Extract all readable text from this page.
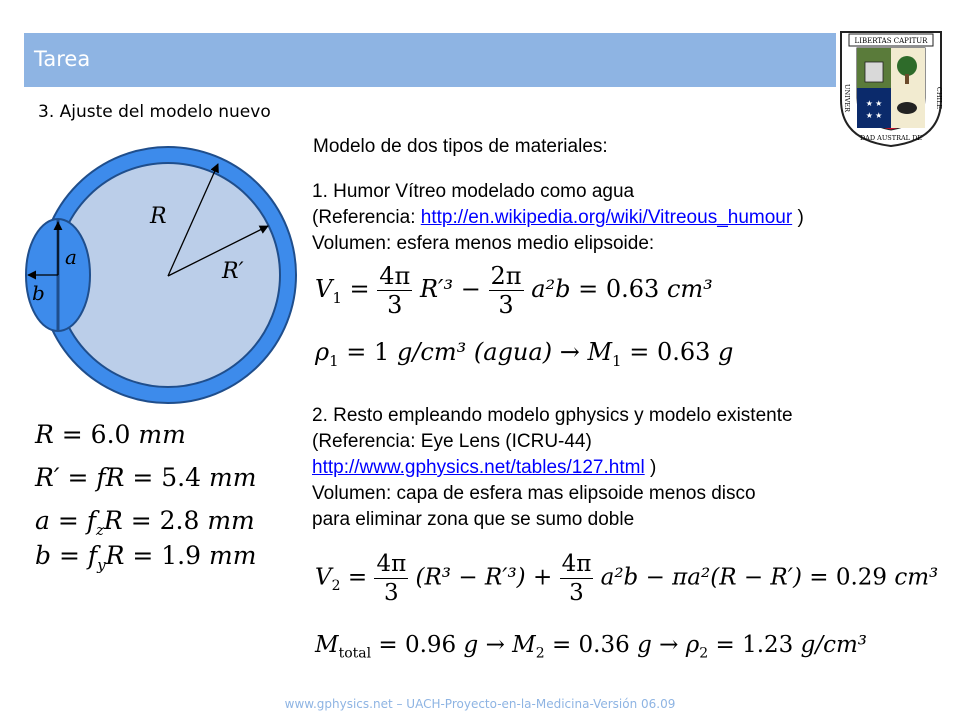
Tarea
3. Ajuste del modelo nuevo
LIBERTAS CAPITUR
★ ★
★ ★
UNIVER	CHILE
DAD AUSTRAL DE
Modelo de dos tipos de materiales:
1. Humor Vítreo modelado como agua
(Referencia: http://en.wikipedia.org/wiki/Vitreous_humour )
Volumen: esfera menos medio elipsoide:
$V_1 = \frac{4\pi}{3} R'^3 - \frac{2\pi}{3} a^2b = 0.63$ cm³
$\rho_1 = 1$ g/cm³ (agua) → $M_1 = 0.63$ g
2. Resto empleando modelo gphysics y modelo existente
(Referencia: Eye Lens (ICRU-44)
http://www.gphysics.net/tables/127.html )
Volumen: capa de esfera mas elipsoide menos disco
para eliminar zona que se sumo doble
$V_2 = \frac{4\pi}{3} (R^3 - R'^3) + \frac{4\pi}{3} a^2b - \pi a^2(R - R') = 0.29$ cm³
$M_{total} = 0.96$ $g \to M_2 = 0.36$ $g \to \rho_2 = 1.23$ g/cm³
R
R′
a
b
R = 6.0 mm
R′ = fR = 5.4 mm
$a = f_zR = 2.8$ mm
$b = f_yR = 1.9$ mm
www.gphysics.net – UACH-Proyecto-en-la-Medicina-Versión 06.09
